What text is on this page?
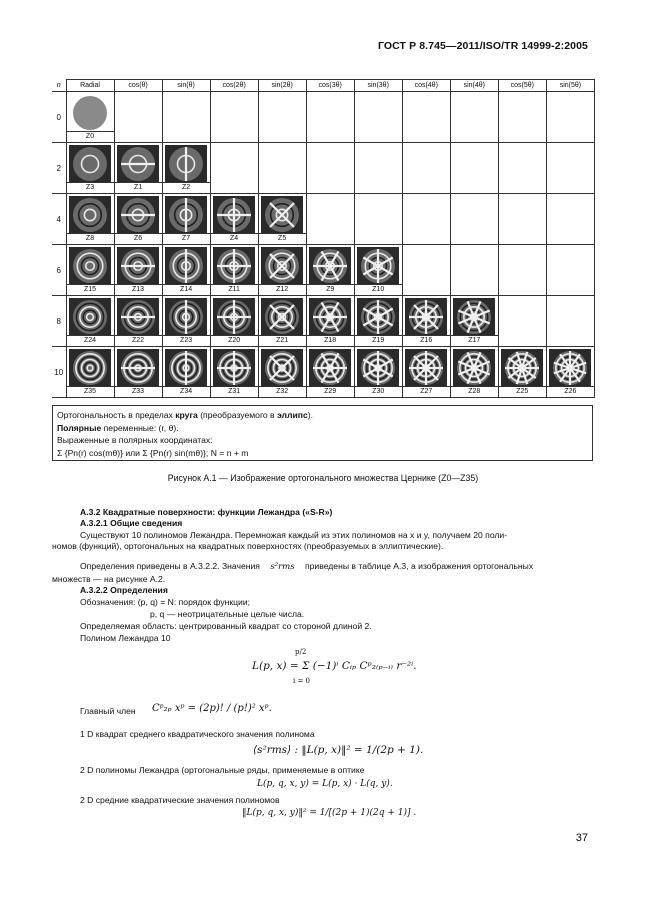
ГОСТ Р 8.745—2011/ISO/TR 14999-2:2005
n	Radial	cos(θ)	sin(θ)	cos(2θ)	sin(2θ)	cos(3θ)	sin(3θ)	cos(4θ)	sin(4θ)	cos(5θ)	sin(5θ)
0	Z0										

2	Z3	Z1	Z2								

4	Z8	Z6	Z7	Z4	Z5						

6	Z15	Z13	Z14	Z11	Z12	Z9	Z10				

8	Z24	Z22	Z23	Z20	Z21	Z18	Z19	Z16	Z17		

10	Z35	Z33	Z34	Z31	Z32	Z29	Z30	Z27	Z28	Z25	Z26
Ортогональность в пределах круга (преобразуемого в эллипс).
Полярные переменные: (r, θ).
Выраженные в полярных координатах:
Σ {Pn(r) cos(mθ)} или Σ {Pn(r) sin(mθ)}; N = n + m
Рисунок А.1 — Изображение ортогонального множества Цернике (Z0—Z35)
А.3.2 Квадратные поверхности: функции Лежандра («S-R»)
А.3.2.1 Общие сведения
Существуют 10 полиномов Лежандра. Перемножая каждый из этих полиномов на x и y, получаем 20 поли-
номов (функций), ортогональных на квадратных поверхностях (преобразуемых в эллиптические).
Определения приведены в А.3.2.2. Значения s²rms приведены в таблице А.3, а изображения ортогональных
множеств — на рисунке А.2.
А.3.2.2 Определения
Обозначения: (p, q) = N: порядок функции;
p, q — неотрицательные целые числа.
Определяемая область: центрированный квадрат со стороной длиной 2.
Полином Лежандра 10
p/2
L(p, x) = Σ (−1)ⁱ Cᵢₚ Cᵖ₂₍ₚ₋ᵢ₎ r⁻²ⁱ.
i = 0
Главный член Cᵖ₂ₚ xᵖ = (2p)! / (p!)² xᵖ.
1 D квадрат среднего квадратического значения полинома
⟨s²rms⟩ : ‖L(p, x)‖² = 1/(2p + 1).
2 D полиномы Лежандра (ортогональные ряды, применяемые в оптике
L(p, q, x, y) = L(p, x) · L(q, y).
2 D средние квадратические значения полиномов
‖L(p, q, x, y)‖² = 1/[(2p + 1)(2q + 1)] .
37
